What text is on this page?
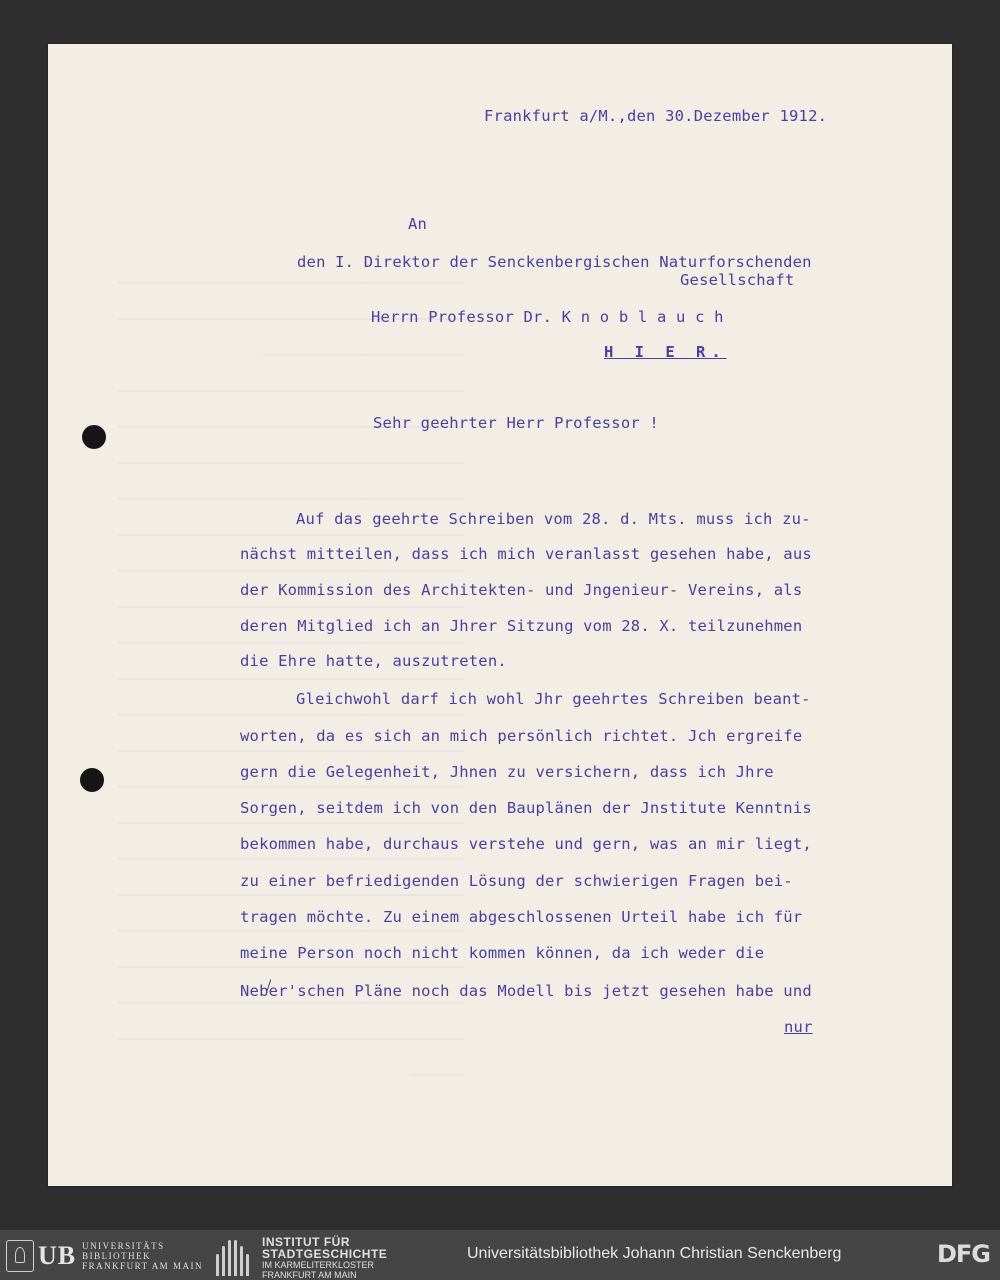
──────────────────────────────────────────────────
──────────────────────────────────────────────────
─────────────────────────────
──────────────────────────────────────────────────
──────────────────────────────────────────────────
──────────────────────────────────────────────────
──────────────────────────────────────────────────
──────────────────────────────────────────────────
──────────────────────────────────────────────────
──────────────────────────────────────────────────
──────────────────────────────────────────────────
──────────────────────────────────────────────────
──────────────────────────────────────────────────
──────────────────────────────────────────────────
──────────────────────────────────────────────────
──────────────────────────────────────────────────
──────────────────────────────────────────────────
──────────────────────────────────────────────────
──────────────────────────────────────────────────
──────────────────────────────────────────────────
──────────────────────────────────────────────────
──────────────────────────────────────────────────
────────
Frankfurt a/M.,den 30.Dezember 1912.
An
den I. Direktor der Senckenbergischen Naturforschenden
Gesellschaft
Herrn Professor Dr. K n o b l a u c h
H I E R.
Sehr geehrter Herr Professor !
Auf das geehrte Schreiben vom 28. d. Mts. muss ich zu-
nächst mitteilen, dass ich mich veranlasst gesehen habe, aus
der Kommission des Architekten- und Jngenieur- Vereins, als
deren Mitglied ich an Jhrer Sitzung vom 28. X. teilzunehmen
die Ehre hatte, auszutreten.
Gleichwohl darf ich wohl Jhr geehrtes Schreiben beant-
worten, da es sich an mich persönlich richtet. Jch ergreife
gern die Gelegenheit, Jhnen zu versichern, dass ich Jhre
Sorgen, seitdem ich von den Bauplänen der Jnstitute Kenntnis
bekommen habe, durchaus verstehe und gern, was an mir liegt,
zu einer befriedigenden Lösung der schwierigen Fragen bei-
tragen möchte. Zu einem abgeschlossenen Urteil habe ich für
meine Person noch nicht kommen können, da ich weder die
Neber'schen Pläne noch das Modell bis jetzt gesehen habe und
nur
UB UNIVERSITÄTS
BIBLIOTHEK
FRANKFURT AM MAIN
INSTITUT FÜR
STADTGESCHICHTE
IM KARMELITERKLOSTER
FRANKFURT AM MAIN
Universitätsbibliothek Johann Christian Senckenberg	DFG
